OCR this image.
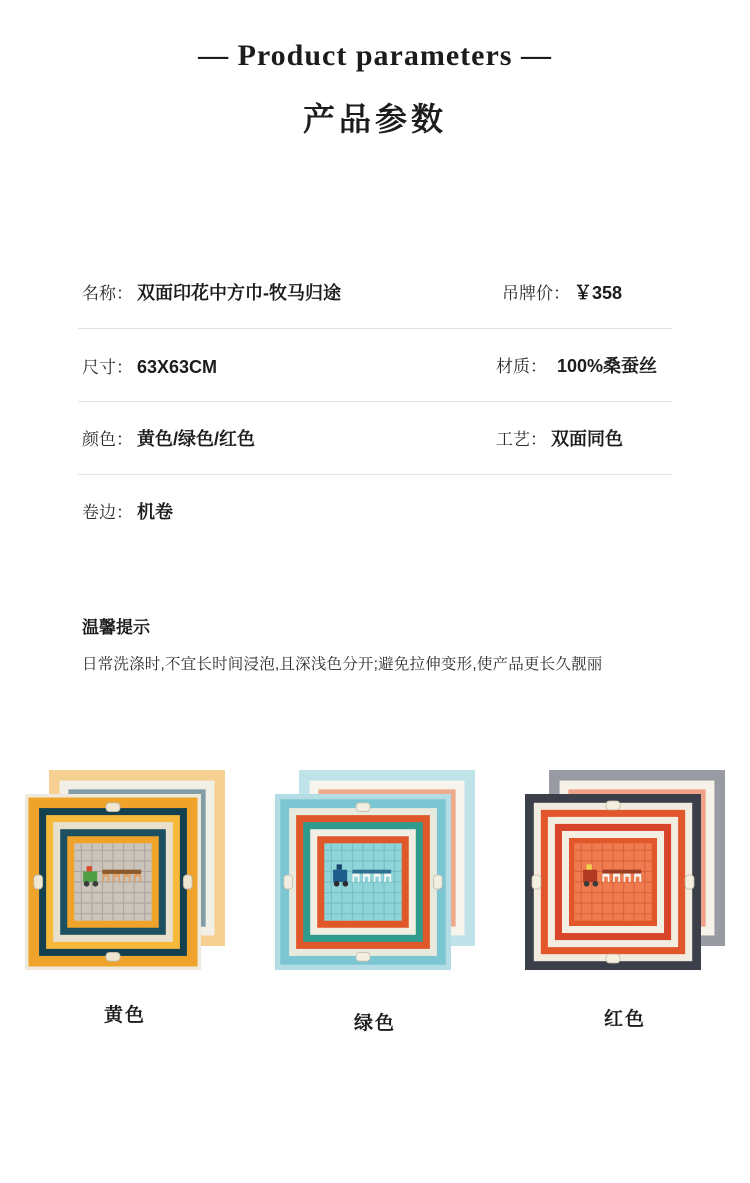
— Product parameters —
产品参数
名称： 双面印花中方巾-牧马归途	吊牌价： ￥358
尺寸： 63X63CM	材质： 100%桑蚕丝
颜色： 黄色/绿色/红色	工艺： 双面同色
卷边： 机卷
温馨提示
日常洗涤时,不宜长时间浸泡,且深浅色分开;避免拉伸变形,使产品更长久靓丽
黄色	绿色	红色
